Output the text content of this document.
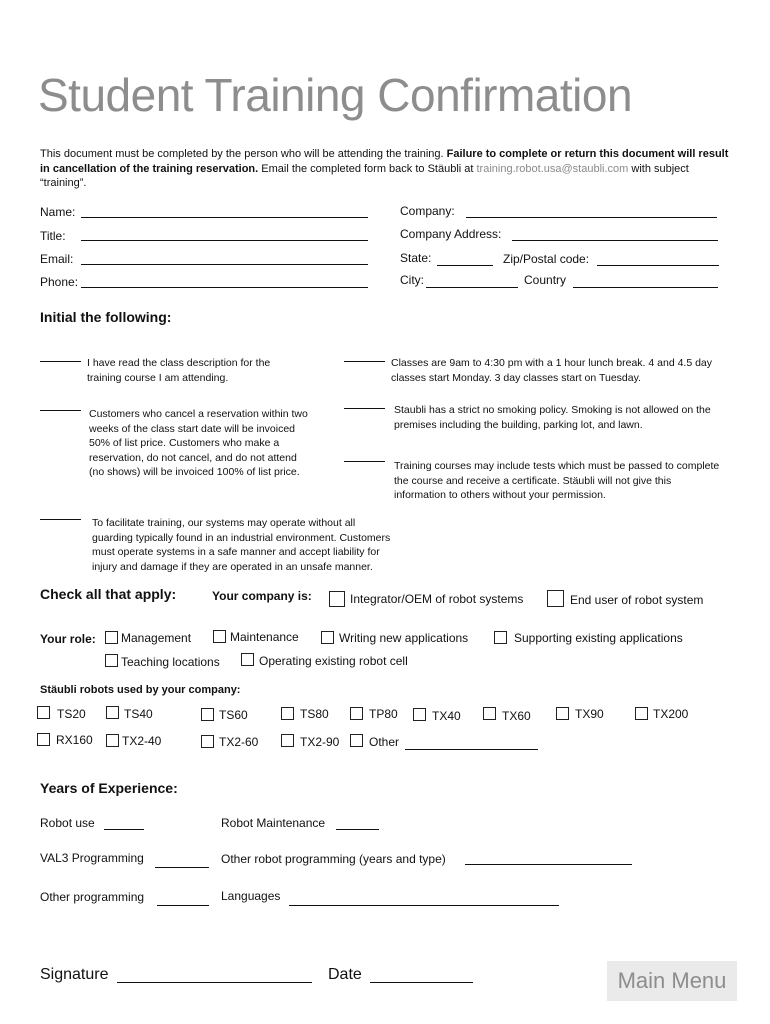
Student Training Confirmation
This document must be completed by the person who will be attending the training. Failure to complete or return this document will result in cancellation of the training reservation. Email the completed form back to Stäubli at training.robot.usa@staubli.com with subject “training”.
Name:
Title:
Email:
Phone:
Company:
Company Address:
State:	Zip/Postal code:
City:	Country
Initial the following:
I have read the class description for the training course I am attending.
Customers who cancel a reservation within two weeks of the class start date will be invoiced 50% of list price. Customers who make a reservation, do not cancel, and do not attend (no shows) will be invoiced 100% of list price.
To facilitate training, our systems may operate without all guarding typically found in an industrial environment. Customers must operate systems in a safe manner and accept liability for injury and damage if they are operated in an unsafe manner.
Classes are 9am to 4:30 pm with a 1 hour lunch break. 4 and 4.5 day classes start Monday. 3 day classes start on Tuesday.
Staubli has a strict no smoking policy. Smoking is not allowed on the premises including the building, parking lot, and lawn.
Training courses may include tests which must be passed to complete the course and receive a certificate. Stäubli will not give this information to others without your permission.
Check all that apply:	Your company is:	Integrator/OEM of robot systems	End user of robot system
Your role: Management	Maintenance	Writing new applications	Supporting existing applications
Teaching locations	Operating existing robot cell
Stäubli robots used by your company:
TS20	TS40	TS60	TS80	TP80	TX40	TX60	TX90	TX200
RX160 TX2-40	TX2-60	TX2-90 Other
Years of Experience:
Robot use	Robot Maintenance
VAL3 Programming	Other robot programming (years and type)
Other programming	Languages
Signature	Date	Main Menu
